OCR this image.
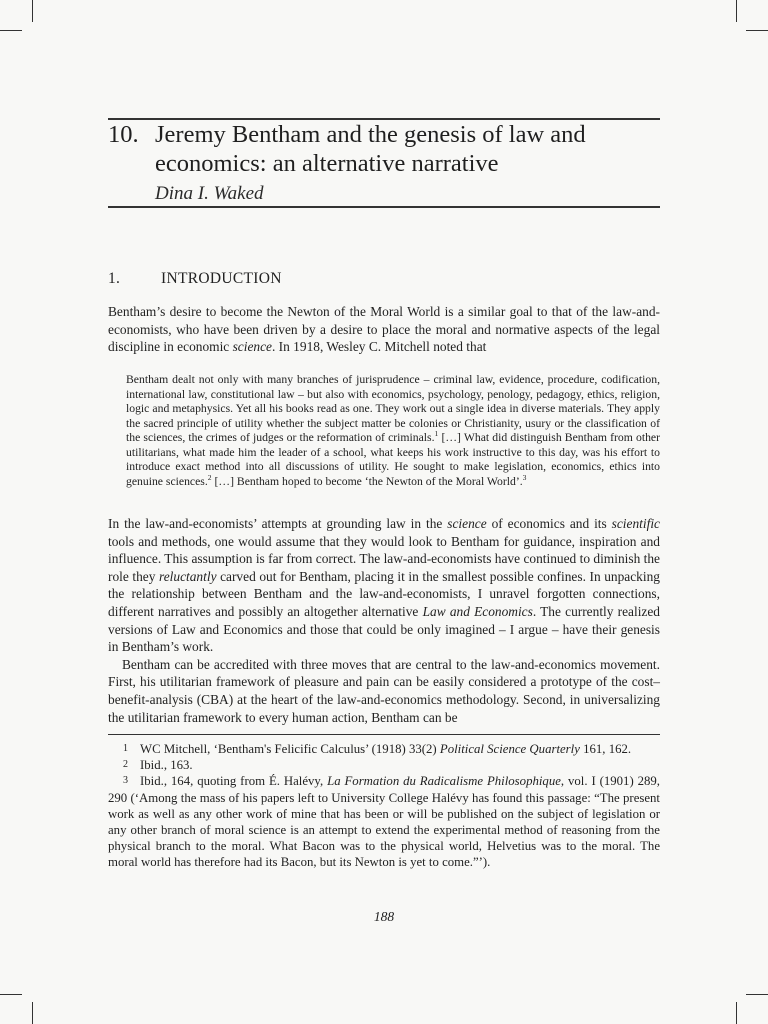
10. Jeremy Bentham and the genesis of law and
economics: an alternative narrative
Dina I. Waked
1.	INTRODUCTION

Bentham’s desire to become the Newton of the Moral World is a similar goal to that of the law-and-economists, who have been driven by a desire to place the moral and normative aspects of the legal discipline in economic science. In 1918, Wesley C. Mitchell noted that

Bentham dealt not only with many branches of jurisprudence – criminal law, evidence, procedure, codification, international law, constitutional law – but also with economics, psychology, penology, pedagogy, ethics, religion, logic and metaphysics. Yet all his books read as one. They work out a single idea in diverse materials. They apply the sacred principle of utility whether the subject matter be colonies or Christianity, usury or the classification of the sciences, the crimes of judges or the reformation of criminals.$^1$ […] What did distinguish Bentham from other utilitarians, what made him the leader of a school, what keeps his work instructive to this day, was his effort to introduce exact method into all discussions of utility. He sought to make legislation, economics, ethics into genuine sciences.$^2$ […] Bentham hoped to become ‘the Newton of the Moral World’.$^3$

In the law-and-economists’ attempts at grounding law in the science of economics and its scientific tools and methods, one would assume that they would look to Bentham for guidance, inspiration and influence. This assumption is far from correct. The law-and-economists have continued to diminish the role they reluctantly carved out for Bentham, placing it in the smallest possible confines. In unpacking the relationship between Bentham and the law-and-economists, I unravel forgotten connections, different narratives and possibly an altogether alternative Law and Economics. The currently realized versions of Law and Economics and those that could be only imagined – I argue – have their genesis in Bentham’s work.

Bentham can be accredited with three moves that are central to the law-and-economics movement. First, his utilitarian framework of pleasure and pain can be easily considered a prototype of the cost–benefit-analysis (CBA) at the heart of the law-and-economics methodology. Second, in universalizing the utilitarian framework to every human action, Bentham can be

1 WC Mitchell, ‘Bentham's Felicific Calculus’ (1918) 33(2) Political Science Quarterly 161, 162.

2 Ibid., 163.

3 Ibid., 164, quoting from É. Halévy, La Formation du Radicalisme Philosophique, vol. I (1901) 289, 290 (‘Among the mass of his papers left to University College Halévy has found this passage: “The present work as well as any other work of mine that has been or will be published on the subject of legislation or any other branch of moral science is an attempt to extend the experimental method of reasoning from the physical branch to the moral. What Bacon was to the physical world, Helvetius was to the moral. The moral world has therefore had its Bacon, but its Newton is yet to come.”’).

188
